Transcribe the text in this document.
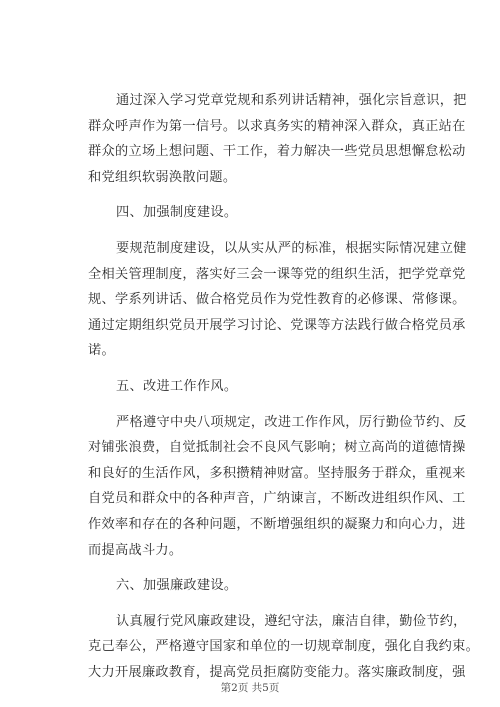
通过深入学习党章党规和系列讲话精神，强化宗旨意识，把
群众呼声作为第一信号。以求真务实的精神深入群众，真正站在
群众的立场上想问题、干工作，着力解决一些党员思想懈怠松动
和党组织软弱涣散问题。
四、加强制度建设。
要规范制度建设，以从实从严的标准，根据实际情况建立健
全相关管理制度，落实好三会一课等党的组织生活，把学党章党
规、学系列讲话、做合格党员作为党性教育的必修课、常修课。
通过定期组织党员开展学习讨论、党课等方法践行做合格党员承
诺。
五、改进工作作风。
严格遵守中央八项规定，改进工作作风，厉行勤俭节约、反
对铺张浪费，自觉抵制社会不良风气影响；树立高尚的道德情操
和良好的生活作风，多积攒精神财富。坚持服务于群众，重视来
自党员和群众中的各种声音，广纳谏言，不断改进组织作风、工
作效率和存在的各种问题，不断增强组织的凝聚力和向心力，进
而提高战斗力。
六、加强廉政建设。
认真履行党风廉政建设，遵纪守法，廉洁自律，勤俭节约，
克己奉公，严格遵守国家和单位的一切规章制度，强化自我约束。
大力开展廉政教育，提高党员拒腐防变能力。落实廉政制度，强
第2页 共5页
